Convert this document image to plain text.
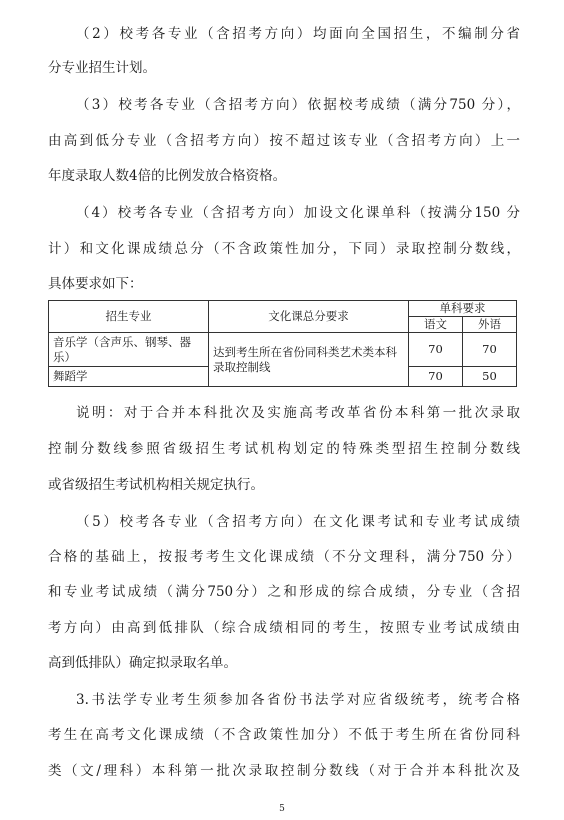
（2）校考各专业（含招考方向）均面向全国招生，不编制分省
分专业招生计划。
（3）校考各专业（含招考方向）依据校考成绩（满分750 分），
由高到低分专业（含招考方向）按不超过该专业（含招考方向）上一
年度录取人数4倍的比例发放合格资格。
（4）校考各专业（含招考方向）加设文化课单科（按满分150 分
计）和文化课成绩总分（不含政策性加分，下同）录取控制分数线，
具体要求如下：
招生专业	文化课总分要求	单科要求	
		语文	外语
音乐学（含声乐、钢琴、器乐）	达到考生所在省份同科类艺术类本科录取控制线	70	70
舞蹈学		70	50
说明：对于合并本科批次及实施高考改革省份本科第一批次录取
控制分数线参照省级招生考试机构划定的特殊类型招生控制分数线
或省级招生考试机构相关规定执行。
（5）校考各专业（含招考方向）在文化课考试和专业考试成绩
合格的基础上，按报考考生文化课成绩（不分文理科，满分750 分）
和专业考试成绩（满分750分）之和形成的综合成绩，分专业（含招
考方向）由高到低排队（综合成绩相同的考生，按照专业考试成绩由
高到低排队）确定拟录取名单。
3.书法学专业考生须参加各省份书法学对应省级统考，统考合格
考生在高考文化课成绩（不含政策性加分）不低于考生所在省份同科
类（文/理科）本科第一批次录取控制分数线（对于合并本科批次及
5
